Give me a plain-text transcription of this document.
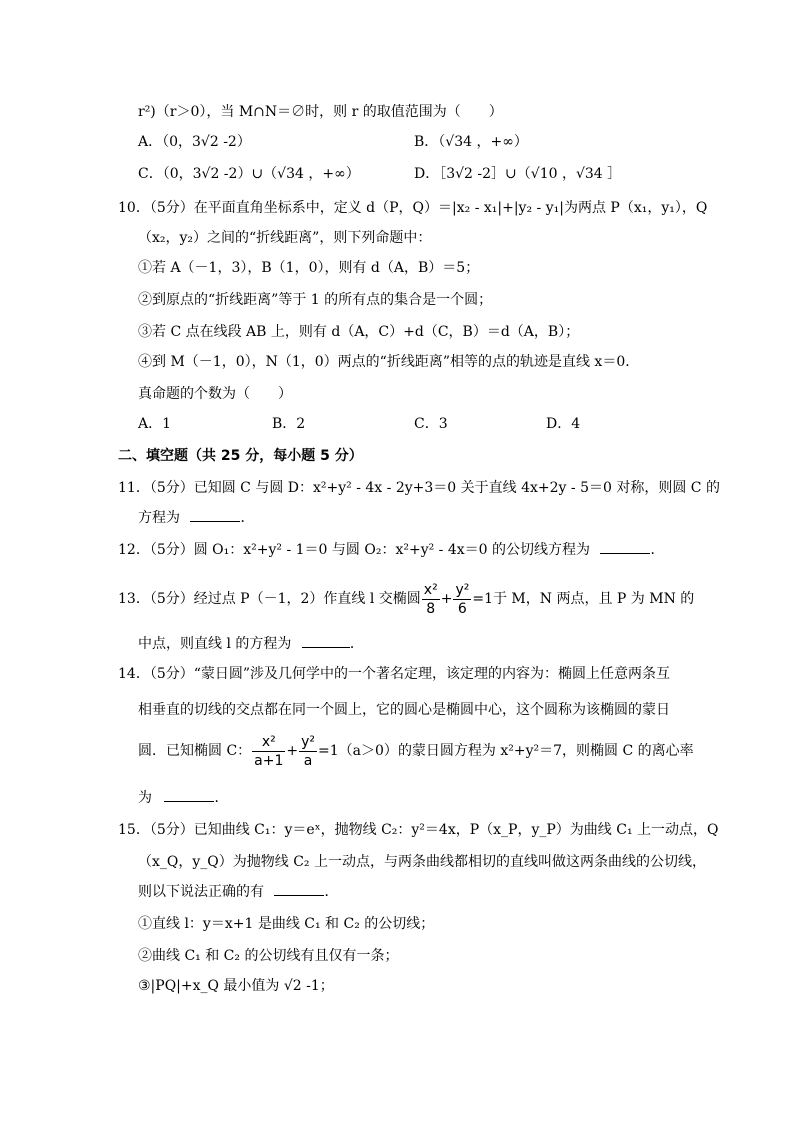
r²)（r＞0），当 M∩N＝∅时，则 r 的取值范围为（　　）
A．（0，3√2 -2）	B．（√34 ，+∞）
C．（0，3√2 -2）∪（√34 ，+∞）	D．［3√2 -2］∪（√10 ，√34 ］
10．（5分）在平面直角坐标系中，定义 d（P，Q）＝|x₂ - x₁|+|y₂ - y₁|为两点 P（x₁，y₁），Q
（x₂，y₂）之间的“折线距离”，则下列命题中：
①若 A（－1，3），B（1，0），则有 d（A，B）＝5；
②到原点的“折线距离”等于 1 的所有点的集合是一个圆；
③若 C 点在线段 AB 上，则有 d（A，C）+d（C，B）＝d（A，B）；
④到 M（－1，0），N（1，0）两点的“折线距离”相等的点的轨迹是直线 x＝0．
真命题的个数为（　　）
A．1	B．2	C．3	D．4
二、填空题（共 25 分，每小题 5 分）
11．（5分）已知圆 C 与圆 D：x²+y² - 4x - 2y+3＝0 关于直线 4x+2y - 5＝0 对称，则圆 C 的
方程为	．
12．（5分）圆 O₁：x²+y² - 1＝0 与圆 O₂：x²+y² - 4x＝0 的公切线方程为	．
13．（5分）经过点 P（－1，2）作直线 l 交椭圆 $\frac{\text{x²}}{8} + \frac{\text{y²}}{6} =1$于 M，N 两点，且 P 为 MN 的
中点，则直线 l 的方程为	．
14．（5分）“蒙日圆”涉及几何学中的一个著名定理，该定理的内容为：椭圆上任意两条互
相垂直的切线的交点都在同一个圆上，它的圆心是椭圆中心，这个圆称为该椭圆的蒙日
圆．已知椭圆 C： $\frac{\text{x²}}{a+1} + \frac{\text{y²}}{a} =1(a>0)$的蒙日圆方程为 x²+y²＝7，则椭圆 C 的离心率
为	．
15．（5分）已知曲线 C₁：y＝eˣ，抛物线 C₂：y²＝4x，P（x_P，y_P）为曲线 C₁ 上一动点，Q
（x_Q，y_Q）为抛物线 C₂ 上一动点，与两条曲线都相切的直线叫做这两条曲线的公切线，
则以下说法正确的有	．
①直线 l：y＝x+1 是曲线 C₁ 和 C₂ 的公切线；
②曲线 C₁ 和 C₂ 的公切线有且仅有一条；
③|PQ|+x_Q 最小值为 √2 -1；
